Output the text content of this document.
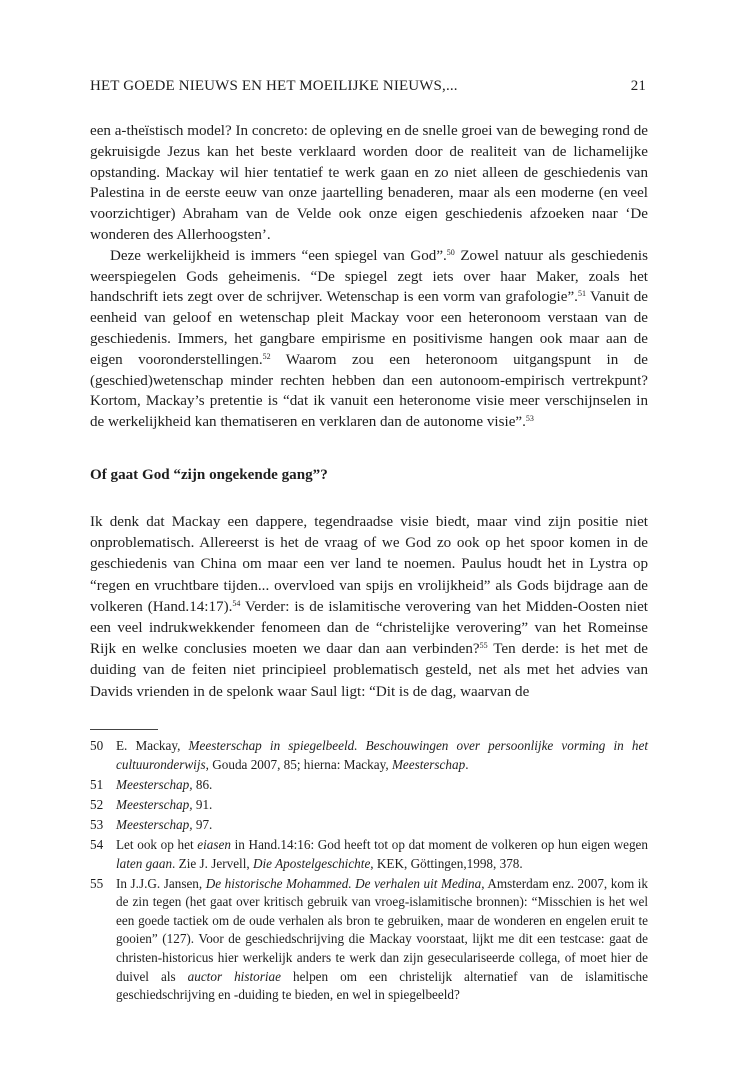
HET GOEDE NIEUWS EN HET MOEILIJKE NIEUWS,...	21

een a-theïstisch model? In concreto: de opleving en de snelle groei van de beweging rond de gekruisigde Jezus kan het beste verklaard worden door de realiteit van de lichamelijke opstanding. Mackay wil hier tentatief te werk gaan en zo niet alleen de geschiedenis van Palestina in de eerste eeuw van onze jaartelling benaderen, maar als een moderne (en veel voorzichtiger) Abraham van de Velde ook onze eigen geschiedenis afzoeken naar ‘De wonderen des Allerhoogsten’.

Deze werkelijkheid is immers “een spiegel van God”.$^{50}$ Zowel natuur als geschiedenis weerspiegelen Gods geheimenis. “De spiegel zegt iets over haar Maker, zoals het handschrift iets zegt over de schrijver. Wetenschap is een vorm van grafologie”.$^{51}$ Vanuit de eenheid van geloof en wetenschap pleit Mackay voor een heteronoom verstaan van de geschiedenis. Immers, het gangbare empirisme en positivisme hangen ook maar aan de eigen vooronderstellingen.$^{52}$ Waarom zou een heteronoom uitgangspunt in de (geschied)wetenschap minder rechten hebben dan een autonoom-empirisch vertrekpunt? Kortom, Mackay’s pretentie is “dat ik vanuit een heteronome visie meer verschijnselen in de werkelijkheid kan thematiseren en verklaren dan de autonome visie”.$^{53}$

Of gaat God “zijn ongekende gang”?

Ik denk dat Mackay een dappere, tegendraadse visie biedt, maar vind zijn positie niet onproblematisch. Allereerst is het de vraag of we God zo ook op het spoor komen in de geschiedenis van China om maar een ver land te noemen. Paulus houdt het in Lystra op “regen en vruchtbare tijden... overvloed van spijs en vrolijkheid” als Gods bijdrage aan de volkeren (Hand.14:17).$^{54}$ Verder: is de islamitische verovering van het Midden-Oosten niet een veel indrukwekkender fenomeen dan de “christelijke verovering” van het Romeinse Rijk en welke conclusies moeten we daar dan aan verbinden?$^{55}$ Ten derde: is het met de duiding van de feiten niet principieel problematisch gesteld, net als met het advies van Davids vrienden in de spelonk waar Saul ligt: “Dit is de dag, waarvan de

50 E. Mackay, Meesterschap in spiegelbeeld. Beschouwingen over persoonlijke vorming in het cultuuronderwijs, Gouda 2007, 85; hierna: Mackay, Meesterschap.
51 Meesterschap, 86.
52 Meesterschap, 91.
53 Meesterschap, 97.
54 Let ook op het eiasen in Hand.14:16: God heeft tot op dat moment de volkeren op hun eigen wegen laten gaan. Zie J. Jervell, Die Apostelgeschichte, KEK, Göttingen,1998, 378.
55 In J.J.G. Jansen, De historische Mohammed. De verhalen uit Medina, Amsterdam enz. 2007, kom ik de zin tegen (het gaat over kritisch gebruik van vroeg-islamitische bronnen): “Misschien is het wel een goede tactiek om de oude verhalen als bron te gebruiken, maar de wonderen en engelen eruit te gooien” (127). Voor de geschiedschrijving die Mackay voorstaat, lijkt me dit een testcase: gaat de christen-historicus hier werkelijk anders te werk dan zijn geseculariseerde collega, of moet hier de duivel als auctor historiae helpen om een christelijk alternatief van de islamitische geschiedschrijving en -duiding te bieden, en wel in spiegelbeeld?
